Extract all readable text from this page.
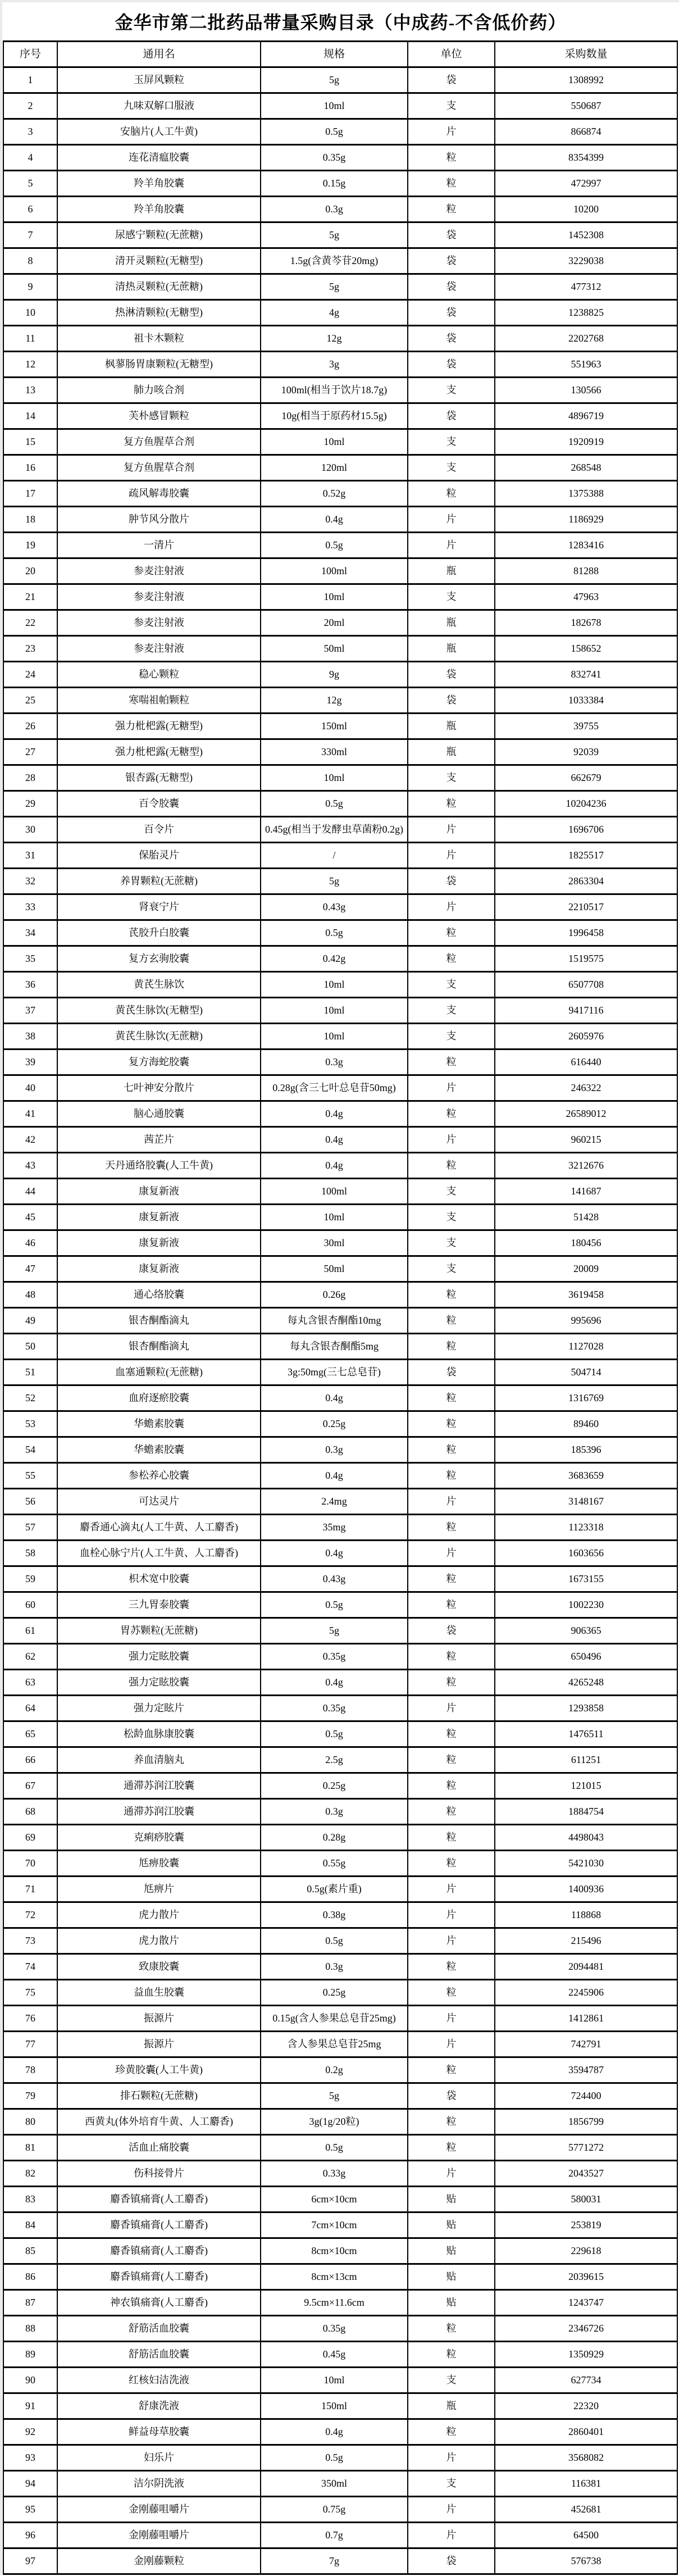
金华市第二批药品带量采购目录（中成药-不含低价药）
序号	通用名	规格	单位	采购数量
1	玉屏风颗粒	5g	袋	1308992
2	九味双解口服液	10ml	支	550687
3	安脑片(人工牛黄)	0.5g	片	866874
4	连花清瘟胶囊	0.35g	粒	8354399
5	羚羊角胶囊	0.15g	粒	472997
6	羚羊角胶囊	0.3g	粒	10200
7	尿感宁颗粒(无蔗糖)	5g	袋	1452308
8	清开灵颗粒(无糖型)	1.5g(含黄芩苷20mg)	袋	3229038
9	清热灵颗粒(无蔗糖)	5g	袋	477312
10	热淋清颗粒(无糖型)	4g	袋	1238825
11	祖卡木颗粒	12g	袋	2202768
12	枫蓼肠胃康颗粒(无糖型)	3g	袋	551963
13	肺力咳合剂	100ml(相当于饮片18.7g)	支	130566
14	芙朴感冒颗粒	10g(相当于原药材15.5g)	袋	4896719
15	复方鱼腥草合剂	10ml	支	1920919
16	复方鱼腥草合剂	120ml	支	268548
17	疏风解毒胶囊	0.52g	粒	1375388
18	肿节风分散片	0.4g	片	1186929
19	一清片	0.5g	片	1283416
20	参麦注射液	100ml	瓶	81288
21	参麦注射液	10ml	支	47963
22	参麦注射液	20ml	瓶	182678
23	参麦注射液	50ml	瓶	158652
24	稳心颗粒	9g	袋	832741
25	寒喘祖帕颗粒	12g	袋	1033384
26	强力枇杷露(无糖型)	150ml	瓶	39755
27	强力枇杷露(无糖型)	330ml	瓶	92039
28	银杏露(无糖型)	10ml	支	662679
29	百令胶囊	0.5g	粒	10204236
30	百令片	0.45g(相当于发酵虫草菌粉0.2g)	片	1696706
31	保胎灵片	/	片	1825517
32	养胃颗粒(无蔗糖)	5g	袋	2863304
33	肾衰宁片	0.43g	片	2210517
34	芪胶升白胶囊	0.5g	粒	1996458
35	复方玄驹胶囊	0.42g	粒	1519575
36	黄芪生脉饮	10ml	支	6507708
37	黄芪生脉饮(无糖型)	10ml	支	9417116
38	黄芪生脉饮(无蔗糖)	10ml	支	2605976
39	复方海蛇胶囊	0.3g	粒	616440
40	七叶神安分散片	0.28g(含三七叶总皂苷50mg)	片	246322
41	脑心通胶囊	0.4g	粒	26589012
42	茜芷片	0.4g	片	960215
43	天丹通络胶囊(人工牛黄)	0.4g	粒	3212676
44	康复新液	100ml	支	141687
45	康复新液	10ml	支	51428
46	康复新液	30ml	支	180456
47	康复新液	50ml	支	20009
48	通心络胶囊	0.26g	粒	3619458
49	银杏酮酯滴丸	每丸含银杏酮酯10mg	粒	995696
50	银杏酮酯滴丸	每丸含银杏酮酯5mg	粒	1127028
51	血塞通颗粒(无蔗糖)	3g:50mg(三七总皂苷)	袋	504714
52	血府逐瘀胶囊	0.4g	粒	1316769
53	华蟾素胶囊	0.25g	粒	89460
54	华蟾素胶囊	0.3g	粒	185396
55	参松养心胶囊	0.4g	粒	3683659
56	可达灵片	2.4mg	片	3148167
57	麝香通心滴丸(人工牛黄、人工麝香)	35mg	粒	1123318
58	血栓心脉宁片(人工牛黄、人工麝香)	0.4g	片	1603656
59	枳术宽中胶囊	0.43g	粒	1673155
60	三九胃泰胶囊	0.5g	粒	1002230
61	胃苏颗粒(无蔗糖)	5g	袋	906365
62	强力定眩胶囊	0.35g	粒	650496
63	强力定眩胶囊	0.4g	粒	4265248
64	强力定眩片	0.35g	片	1293858
65	松龄血脉康胶囊	0.5g	粒	1476511
66	养血清脑丸	2.5g	粒	611251
67	通滞苏润江胶囊	0.25g	粒	121015
68	通滞苏润江胶囊	0.3g	粒	1884754
69	克痢痧胶囊	0.28g	粒	4498043
70	尪痹胶囊	0.55g	粒	5421030
71	尪痹片	0.5g(素片重)	片	1400936
72	虎力散片	0.38g	片	118868
73	虎力散片	0.5g	片	215496
74	致康胶囊	0.3g	粒	2094481
75	益血生胶囊	0.25g	粒	2245906
76	振源片	0.15g(含人参果总皂苷25mg)	片	1412861
77	振源片	含人参果总皂苷25mg	片	742791
78	珍黄胶囊(人工牛黄)	0.2g	粒	3594787
79	排石颗粒(无蔗糖)	5g	袋	724400
80	西黄丸(体外培育牛黄、人工麝香)	3g(1g/20粒)	粒	1856799
81	活血止痛胶囊	0.5g	粒	5771272
82	伤科接骨片	0.33g	片	2043527
83	麝香镇痛膏(人工麝香)	6cm×10cm	贴	580031
84	麝香镇痛膏(人工麝香)	7cm×10cm	贴	253819
85	麝香镇痛膏(人工麝香)	8cm×10cm	贴	229618
86	麝香镇痛膏(人工麝香)	8cm×13cm	贴	2039615
87	神农镇痛膏(人工麝香)	9.5cm×11.6cm	贴	1243747
88	舒筋活血胶囊	0.35g	粒	2346726
89	舒筋活血胶囊	0.45g	粒	1350929
90	红核妇洁洗液	10ml	支	627734
91	舒康洗液	150ml	瓶	22320
92	鲜益母草胶囊	0.4g	粒	2860401
93	妇乐片	0.5g	片	3568082
94	洁尔阴洗液	350ml	支	116381
95	金刚藤咀嚼片	0.75g	片	452681
96	金刚藤咀嚼片	0.7g	片	64500
97	金刚藤颗粒	7g	袋	576738
